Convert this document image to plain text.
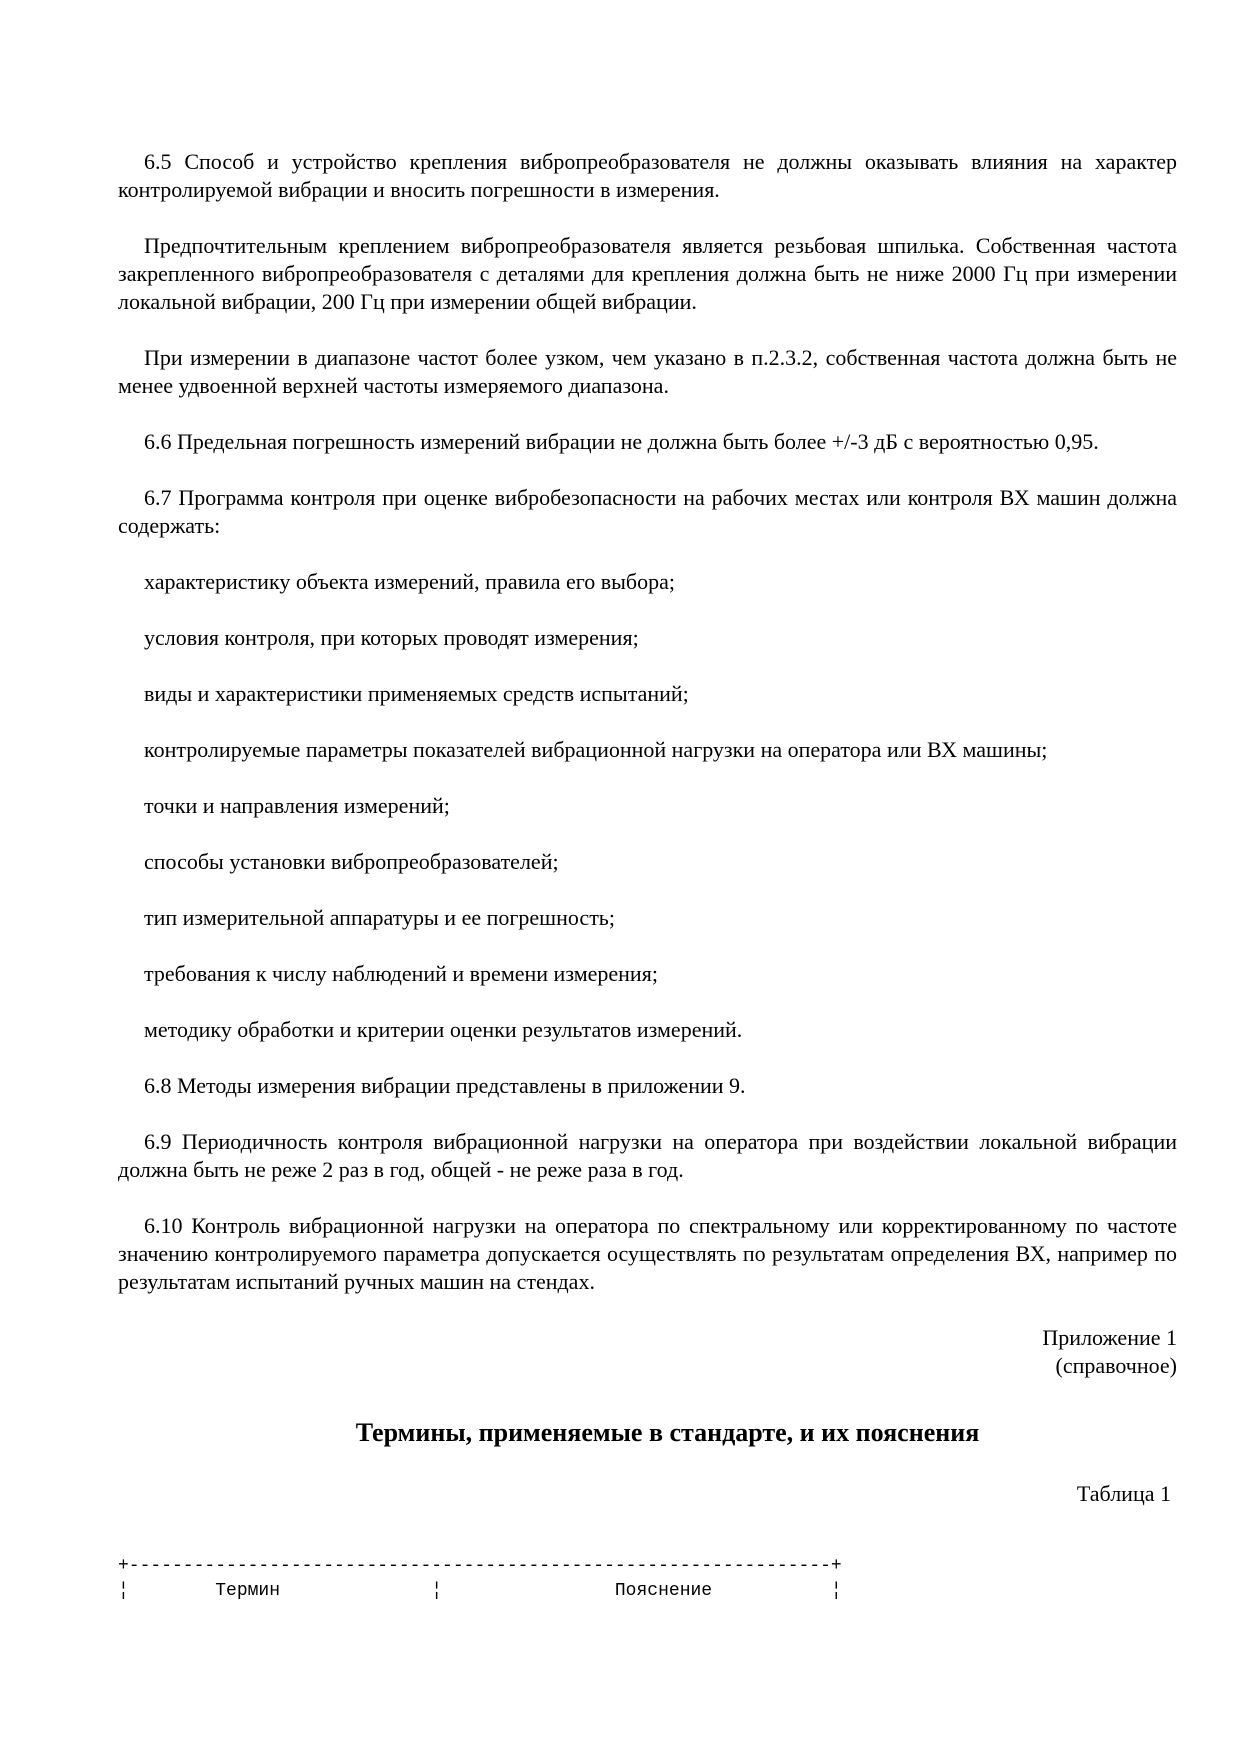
6.5 Способ и устройство крепления вибропреобразователя не должны оказывать влияния на характер контролируемой вибрации и вносить погрешности в измерения.

Предпочтительным креплением вибропреобразователя является резьбовая шпилька. Собственная частота закрепленного вибропреобразователя с деталями для крепления должна быть не ниже 2000 Гц при измерении локальной вибрации, 200 Гц при измерении общей вибрации.

При измерении в диапазоне частот более узком, чем указано в п.2.3.2, собственная частота должна быть не менее удвоенной верхней частоты измеряемого диапазона.

6.6 Предельная погрешность измерений вибрации не должна быть более +/-3 дБ с вероятностью 0,95.

6.7 Программа контроля при оценке вибробезопасности на рабочих местах или контроля ВХ машин должна содержать:

характеристику объекта измерений, правила его выбора;

условия контроля, при которых проводят измерения;

виды и характеристики применяемых средств испытаний;

контролируемые параметры показателей вибрационной нагрузки на оператора или ВХ машины;

точки и направления измерений;

способы установки вибропреобразователей;

тип измерительной аппаратуры и ее погрешность;

требования к числу наблюдений и времени измерения;

методику обработки и критерии оценки результатов измерений.

6.8 Методы измерения вибрации представлены в приложении 9.

6.9 Периодичность контроля вибрационной нагрузки на оператора при воздействии локальной вибрации должна быть не реже 2 раз в год, общей - не реже раза в год.

6.10 Контроль вибрационной нагрузки на оператора по спектральному или корректированному по частоте значению контролируемого параметра допускается осуществлять по результатам определения ВХ, например по результатам испытаний ручных машин на стендах.

Приложение 1

(справочное)

Термины, применяемые в стандарте, и их пояснения

Таблица 1

+-----------------------------------------------------------------+
¦        Термин              ¦                Пояснение           ¦
